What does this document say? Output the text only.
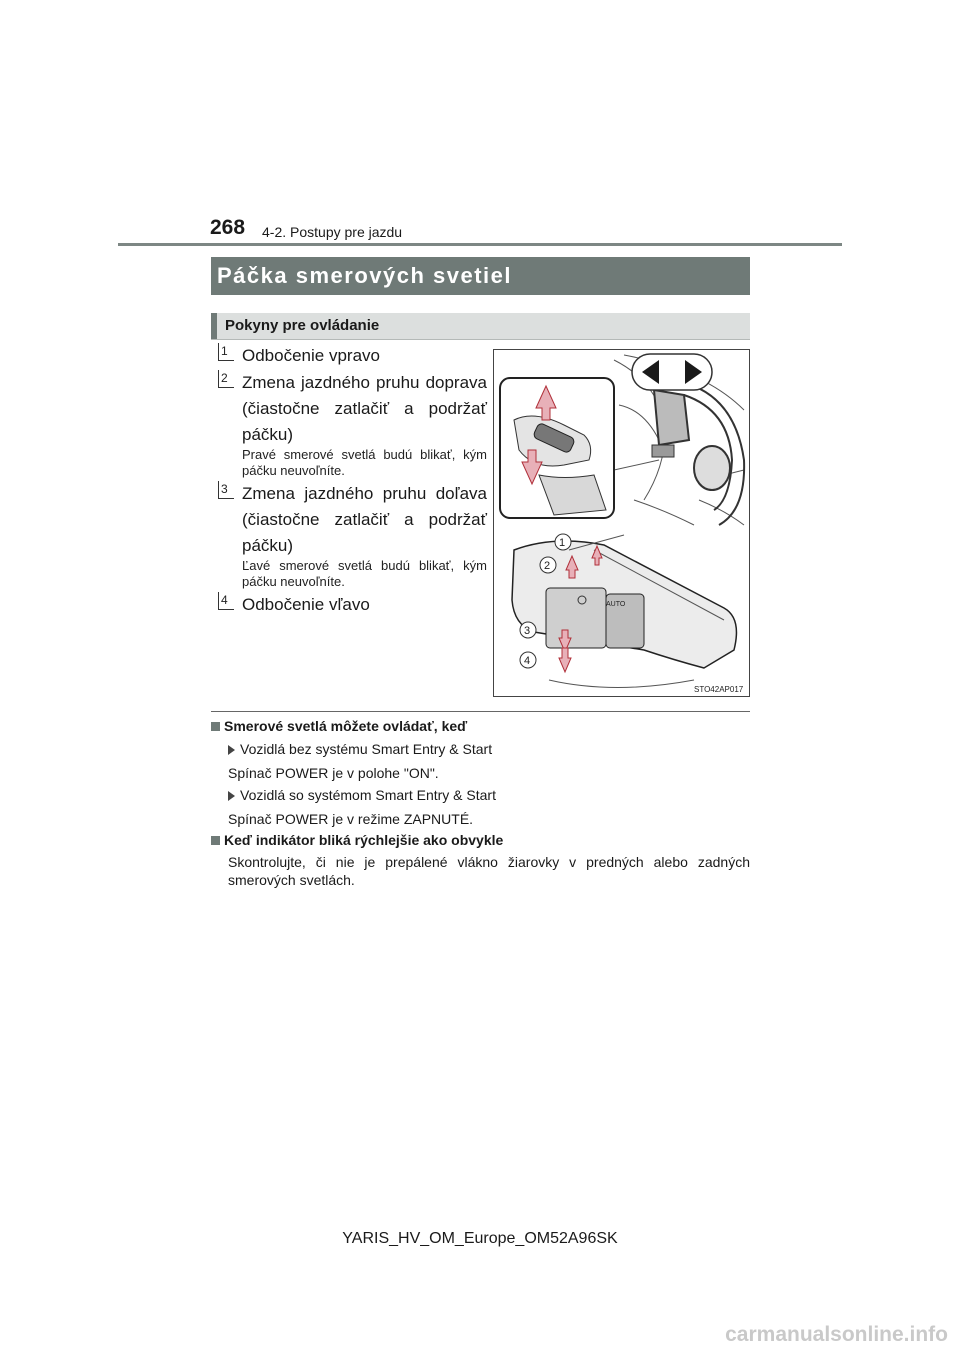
268 4-2. Postupy pre jazdu
Páčka smerových svetiel
Pokyny pre ovládanie
1 Odbočenie vpravo
2 Zmena jazdného pruhu doprava (čiastočne zatlačiť a podržať páčku)
Pravé smerové svetlá budú blikať, kým páčku neuvoľníte.
3 Zmena jazdného pruhu doľava (čiastočne zatlačiť a podržať páčku)
Ľavé smerové svetlá budú blikať, kým páčku neuvoľníte.
4 Odbočenie vľavo	AUTO
1
2
3
4
STO42AP017
Smerové svetlá môžete ovládať, keď
Vozidlá bez systému Smart Entry & Start
Spínač POWER je v polohe "ON".
Vozidlá so systémom Smart Entry & Start
Spínač POWER je v režime ZAPNUTÉ.
Keď indikátor bliká rýchlejšie ako obvykle
Skontrolujte, či nie je prepálené vlákno žiarovky v predných alebo zadných smerových svetlách.
YARIS_HV_OM_Europe_OM52A96SK
carmanualsonline.info
